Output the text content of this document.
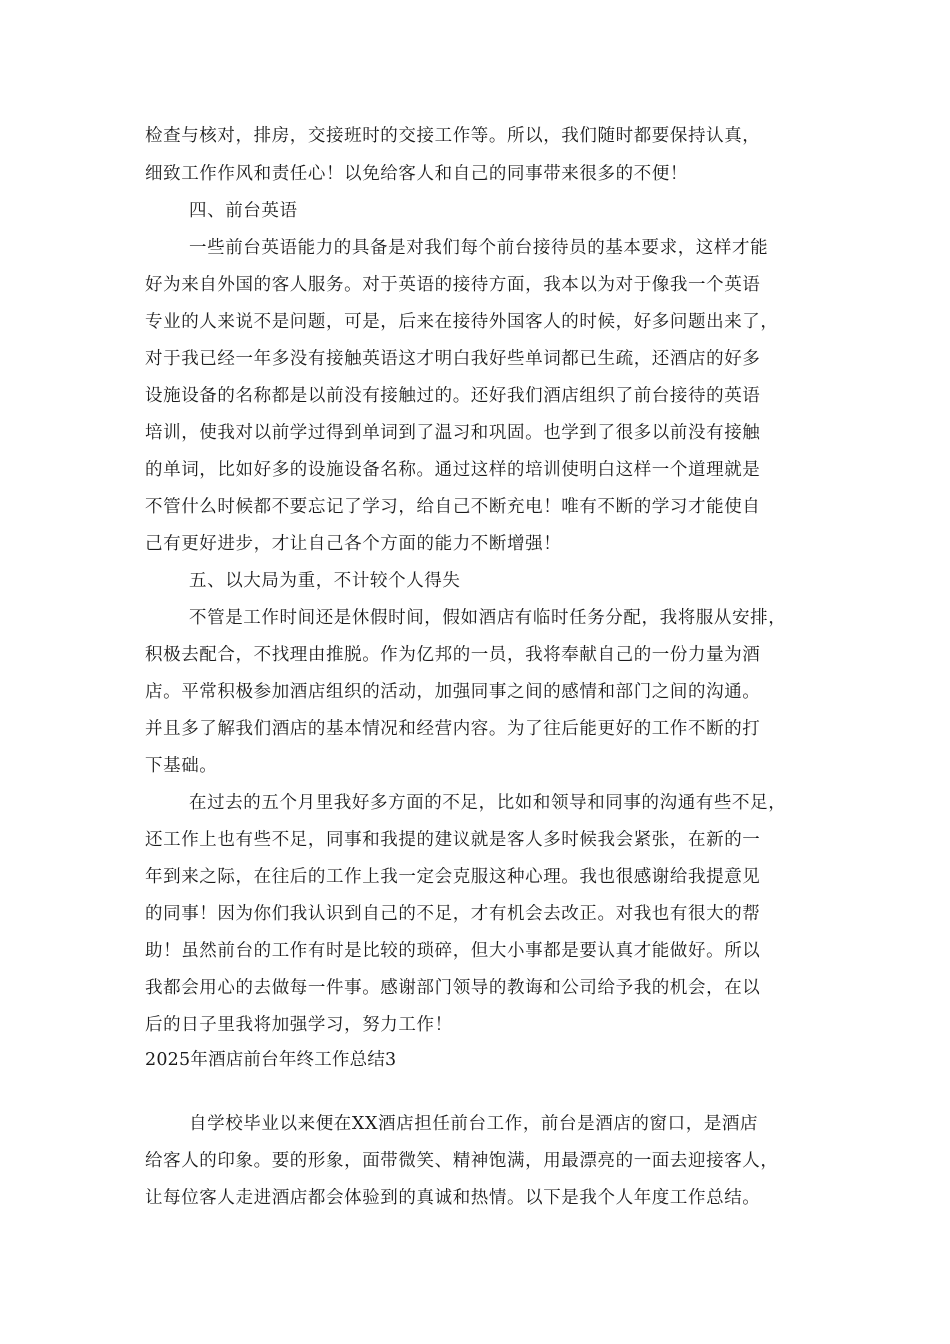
检查与核对，排房，交接班时的交接工作等。所以，我们随时都要保持认真，
细致工作作风和责任心！以免给客人和自己的同事带来很多的不便！
四、前台英语
一些前台英语能力的具备是对我们每个前台接待员的基本要求，这样才能
好为来自外国的客人服务。对于英语的接待方面，我本以为对于像我一个英语
专业的人来说不是问题，可是，后来在接待外国客人的时候，好多问题出来了，
对于我已经一年多没有接触英语这才明白我好些单词都已生疏，还酒店的好多
设施设备的名称都是以前没有接触过的。还好我们酒店组织了前台接待的英语
培训，使我对以前学过得到单词到了温习和巩固。也学到了很多以前没有接触
的单词，比如好多的设施设备名称。通过这样的培训使明白这样一个道理就是
不管什么时候都不要忘记了学习，给自己不断充电！唯有不断的学习才能使自
己有更好进步，才让自己各个方面的能力不断增强！
五、以大局为重，不计较个人得失
不管是工作时间还是休假时间，假如酒店有临时任务分配，我将服从安排，
积极去配合，不找理由推脱。作为亿邦的一员，我将奉献自己的一份力量为酒
店。平常积极参加酒店组织的活动，加强同事之间的感情和部门之间的沟通。
并且多了解我们酒店的基本情况和经营内容。为了往后能更好的工作不断的打
下基础。
在过去的五个月里我好多方面的不足，比如和领导和同事的沟通有些不足，
还工作上也有些不足，同事和我提的建议就是客人多时候我会紧张，在新的一
年到来之际，在往后的工作上我一定会克服这种心理。我也很感谢给我提意见
的同事！因为你们我认识到自己的不足，才有机会去改正。对我也有很大的帮
助！虽然前台的工作有时是比较的琐碎，但大小事都是要认真才能做好。所以
我都会用心的去做每一件事。感谢部门领导的教诲和公司给予我的机会，在以
后的日子里我将加强学习，努力工作！
2025年酒店前台年终工作总结3
自学校毕业以来便在XX酒店担任前台工作，前台是酒店的窗口，是酒店
给客人的印象。要的形象，面带微笑、精神饱满，用最漂亮的一面去迎接客人，
让每位客人走进酒店都会体验到的真诚和热情。以下是我个人年度工作总结。
